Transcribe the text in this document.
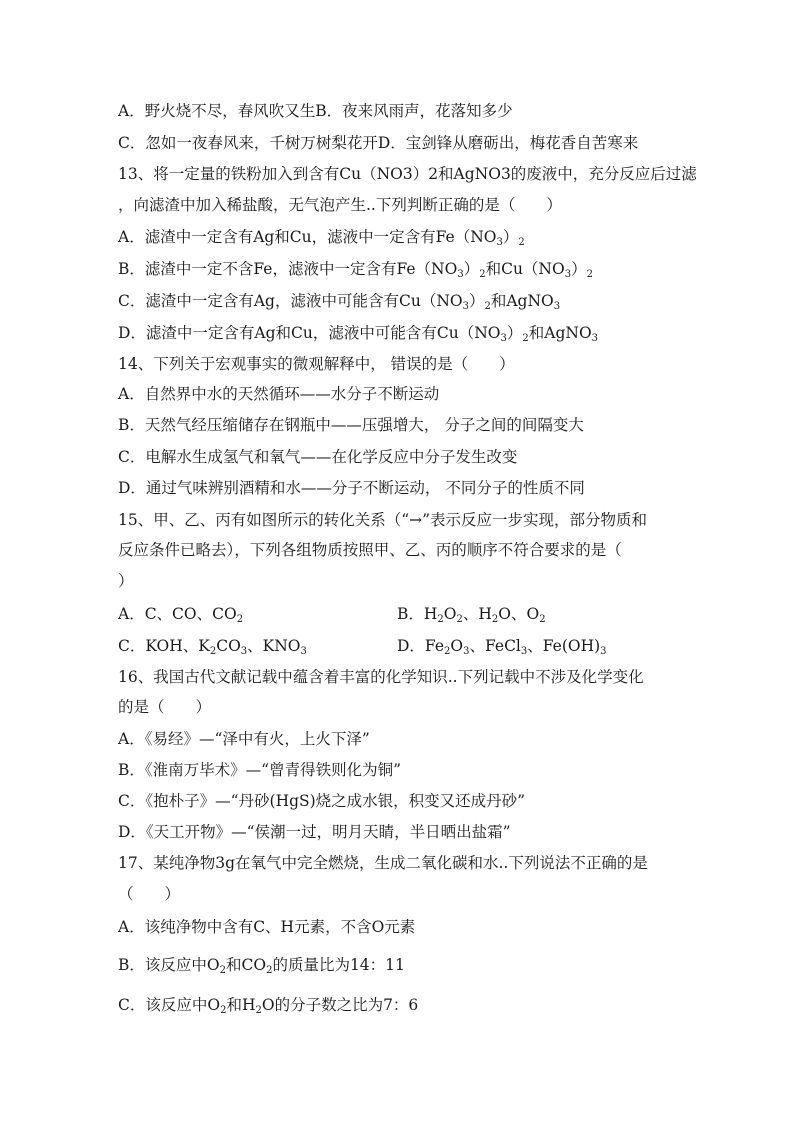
A．野火烧不尽，春风吹又生B．夜来风雨声，花落知多少
C．忽如一夜春风来，千树万树梨花开D．宝剑锋从磨砺出，梅花香自苦寒来
13、将一定量的铁粉加入到含有Cu（NO3）2和AgNO3的废液中，充分反应后过滤
，向滤渣中加入稀盐酸，无气泡产生..下列判断正确的是（　　）
A．滤渣中一定含有Ag和Cu，滤液中一定含有$Fe(NO_3)_2$
B．滤渣中一定不含Fe，滤液中一定含有$Fe(NO_3)_2$和$Cu(NO_3)_2$
C．滤渣中一定含有Ag，滤液中可能含有$Cu(NO_3)_2$和AgNO$_3$
D．滤渣中一定含有Ag和Cu，滤液中可能含有$Cu(NO_3)_2$和AgNO$_3$
14、下列关于宏观事实的微观解释中， 错误的是（　　）
A．自然界中水的天然循环——水分子不断运动
B．天然气经压缩储存在钢瓶中——压强增大， 分子之间的间隔变大
C．电解水生成氢气和氧气——在化学反应中分子发生改变
D．通过气味辨别酒精和水——分子不断运动， 不同分子的性质不同
15、甲、乙、丙有如图所示的转化关系（“→”表示反应一步实现，部分物质和
反应条件已略去），下列各组物质按照甲、乙、丙的顺序不符合要求的是（
）
A．C、CO、$CO_2$	B．$H_2O_2$、$H_2O$、$O_2$
C．KOH、$K_2CO_3$、$KNO_3$	D．$Fe_2O_3$、FeCl$_3$、$Fe(OH)_3$
16、我国古代文献记载中蕴含着丰富的化学知识..下列记载中不涉及化学变化
的是（　　）
A．《易经》—“泽中有火，上火下泽”
B．《淮南万毕术》—“曾青得铁则化为铜”
C．《抱朴子》—“丹砂(HgS)烧之成水银，积变又还成丹砂”
D．《天工开物》—“侯潮一过，明月天睛，半日晒出盐霜”
17、某纯净物3g在氧气中完全燃烧，生成二氧化碳和水..下列说法不正确的是
（　　）
A．该纯净物中含有C、H元素，不含O元素
B．该反应中$O_2$和$CO_2$的质量比为14：11
C．该反应中$O_2$和$H_2O$的分子数之比为7：6
